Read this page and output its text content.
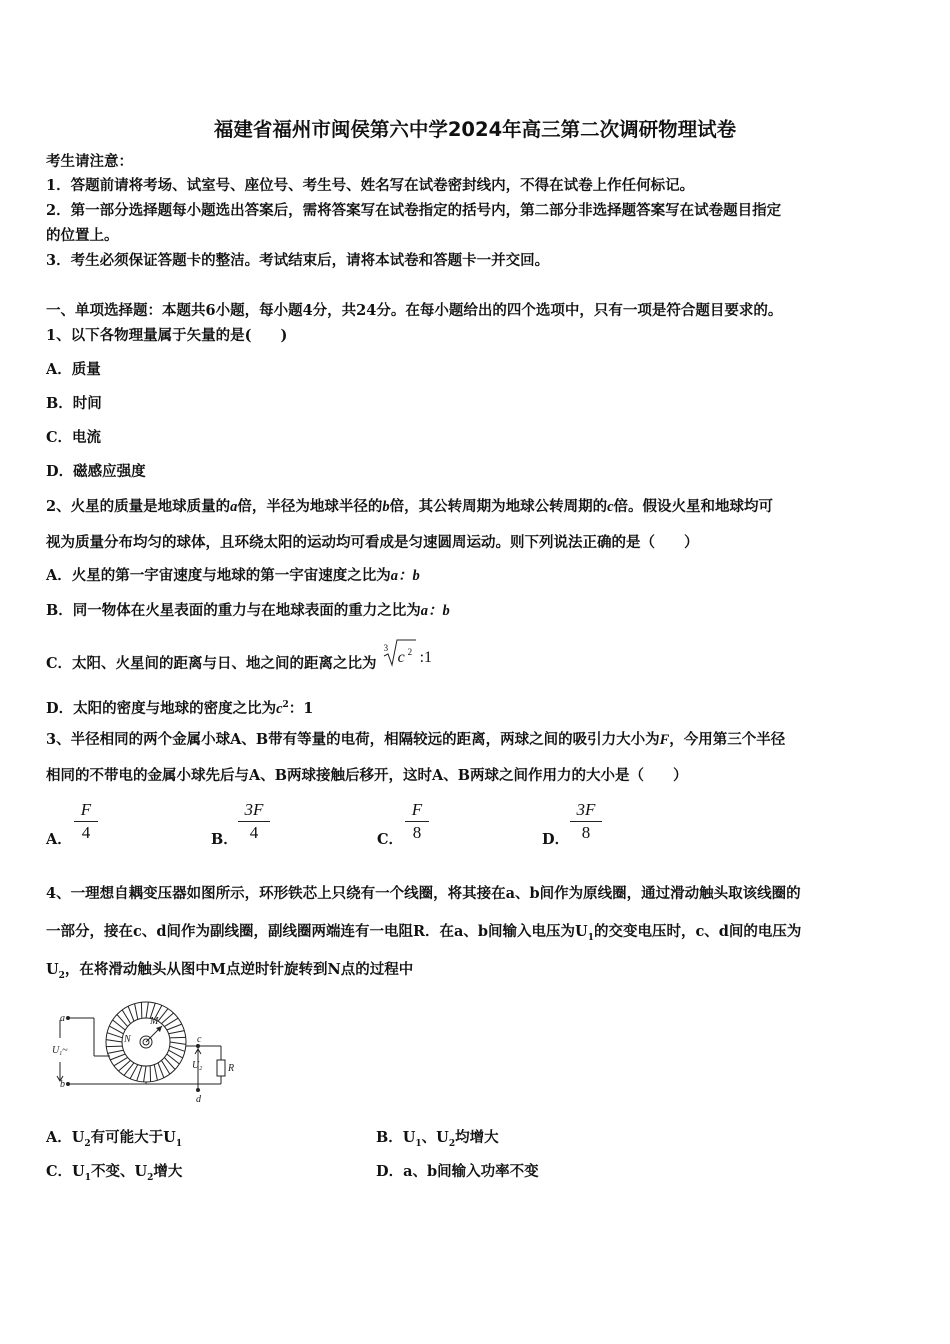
福建省福州市闽侯第六中学2024年高三第二次调研物理试卷
考生请注意：
1．答题前请将考场、试室号、座位号、考生号、姓名写在试卷密封线内，不得在试卷上作任何标记。
2．第一部分选择题每小题选出答案后，需将答案写在试卷指定的括号内，第二部分非选择题答案写在试卷题目指定
的位置上。
3．考生必须保证答题卡的整洁。考试结束后，请将本试卷和答题卡一并交回。
一、单项选择题：本题共6小题，每小题4分，共24分。在每小题给出的四个选项中，只有一项是符合题目要求的。
1、以下各物理量属于矢量的是(　　)
A．质量
B．时间
C．电流
D．磁感应强度
2、火星的质量是地球质量的a倍，半径为地球半径的b倍，其公转周期为地球公转周期的c倍。假设火星和地球均可
视为质量分布均匀的球体，且环绕太阳的运动均可看成是匀速圆周运动。则下列说法正确的是（　　）
A．火星的第一宇宙速度与地球的第一宇宙速度之比为a：b
B．同一物体在火星表面的重力与在地球表面的重力之比为a：b
C．太阳、火星间的距离与日、地之间的距离之比为
3
c 2 :1
D．太阳的密度与地球的密度之比为$c^2$：1
3、半径相同的两个金属小球A、B带有等量的电荷，相隔较远的距离，两球之间的吸引力大小为F，今用第三个半径
相同的不带电的金属小球先后与A、B两球接触后移开，这时A、B两球之间作用力的大小是（　　）
A．
F
4	B．
3F
4	C．
F
8	D．
3F
8
4、一理想自耦变压器如图所示，环形铁芯上只绕有一个线圈，将其接在a、b间作为原线圈，通过滑动触头取该线圈的
一部分，接在c、d间作为副线圈，副线圈两端连有一电阻R．在a、b间输入电压为$U_1$的交变电压时，c、d间的电压为
$U_2$，在将滑动触头从图中M点逆时针旋转到N点的过程中
a
b
c
d
N
M
R
$U_1\sim$
$U_2$
A．$U_2$有可能大于$U_1$	B．$U_1$、$U_2$均增大
C．$U_1$不变、$U_2$增大	D．a、b间输入功率不变
